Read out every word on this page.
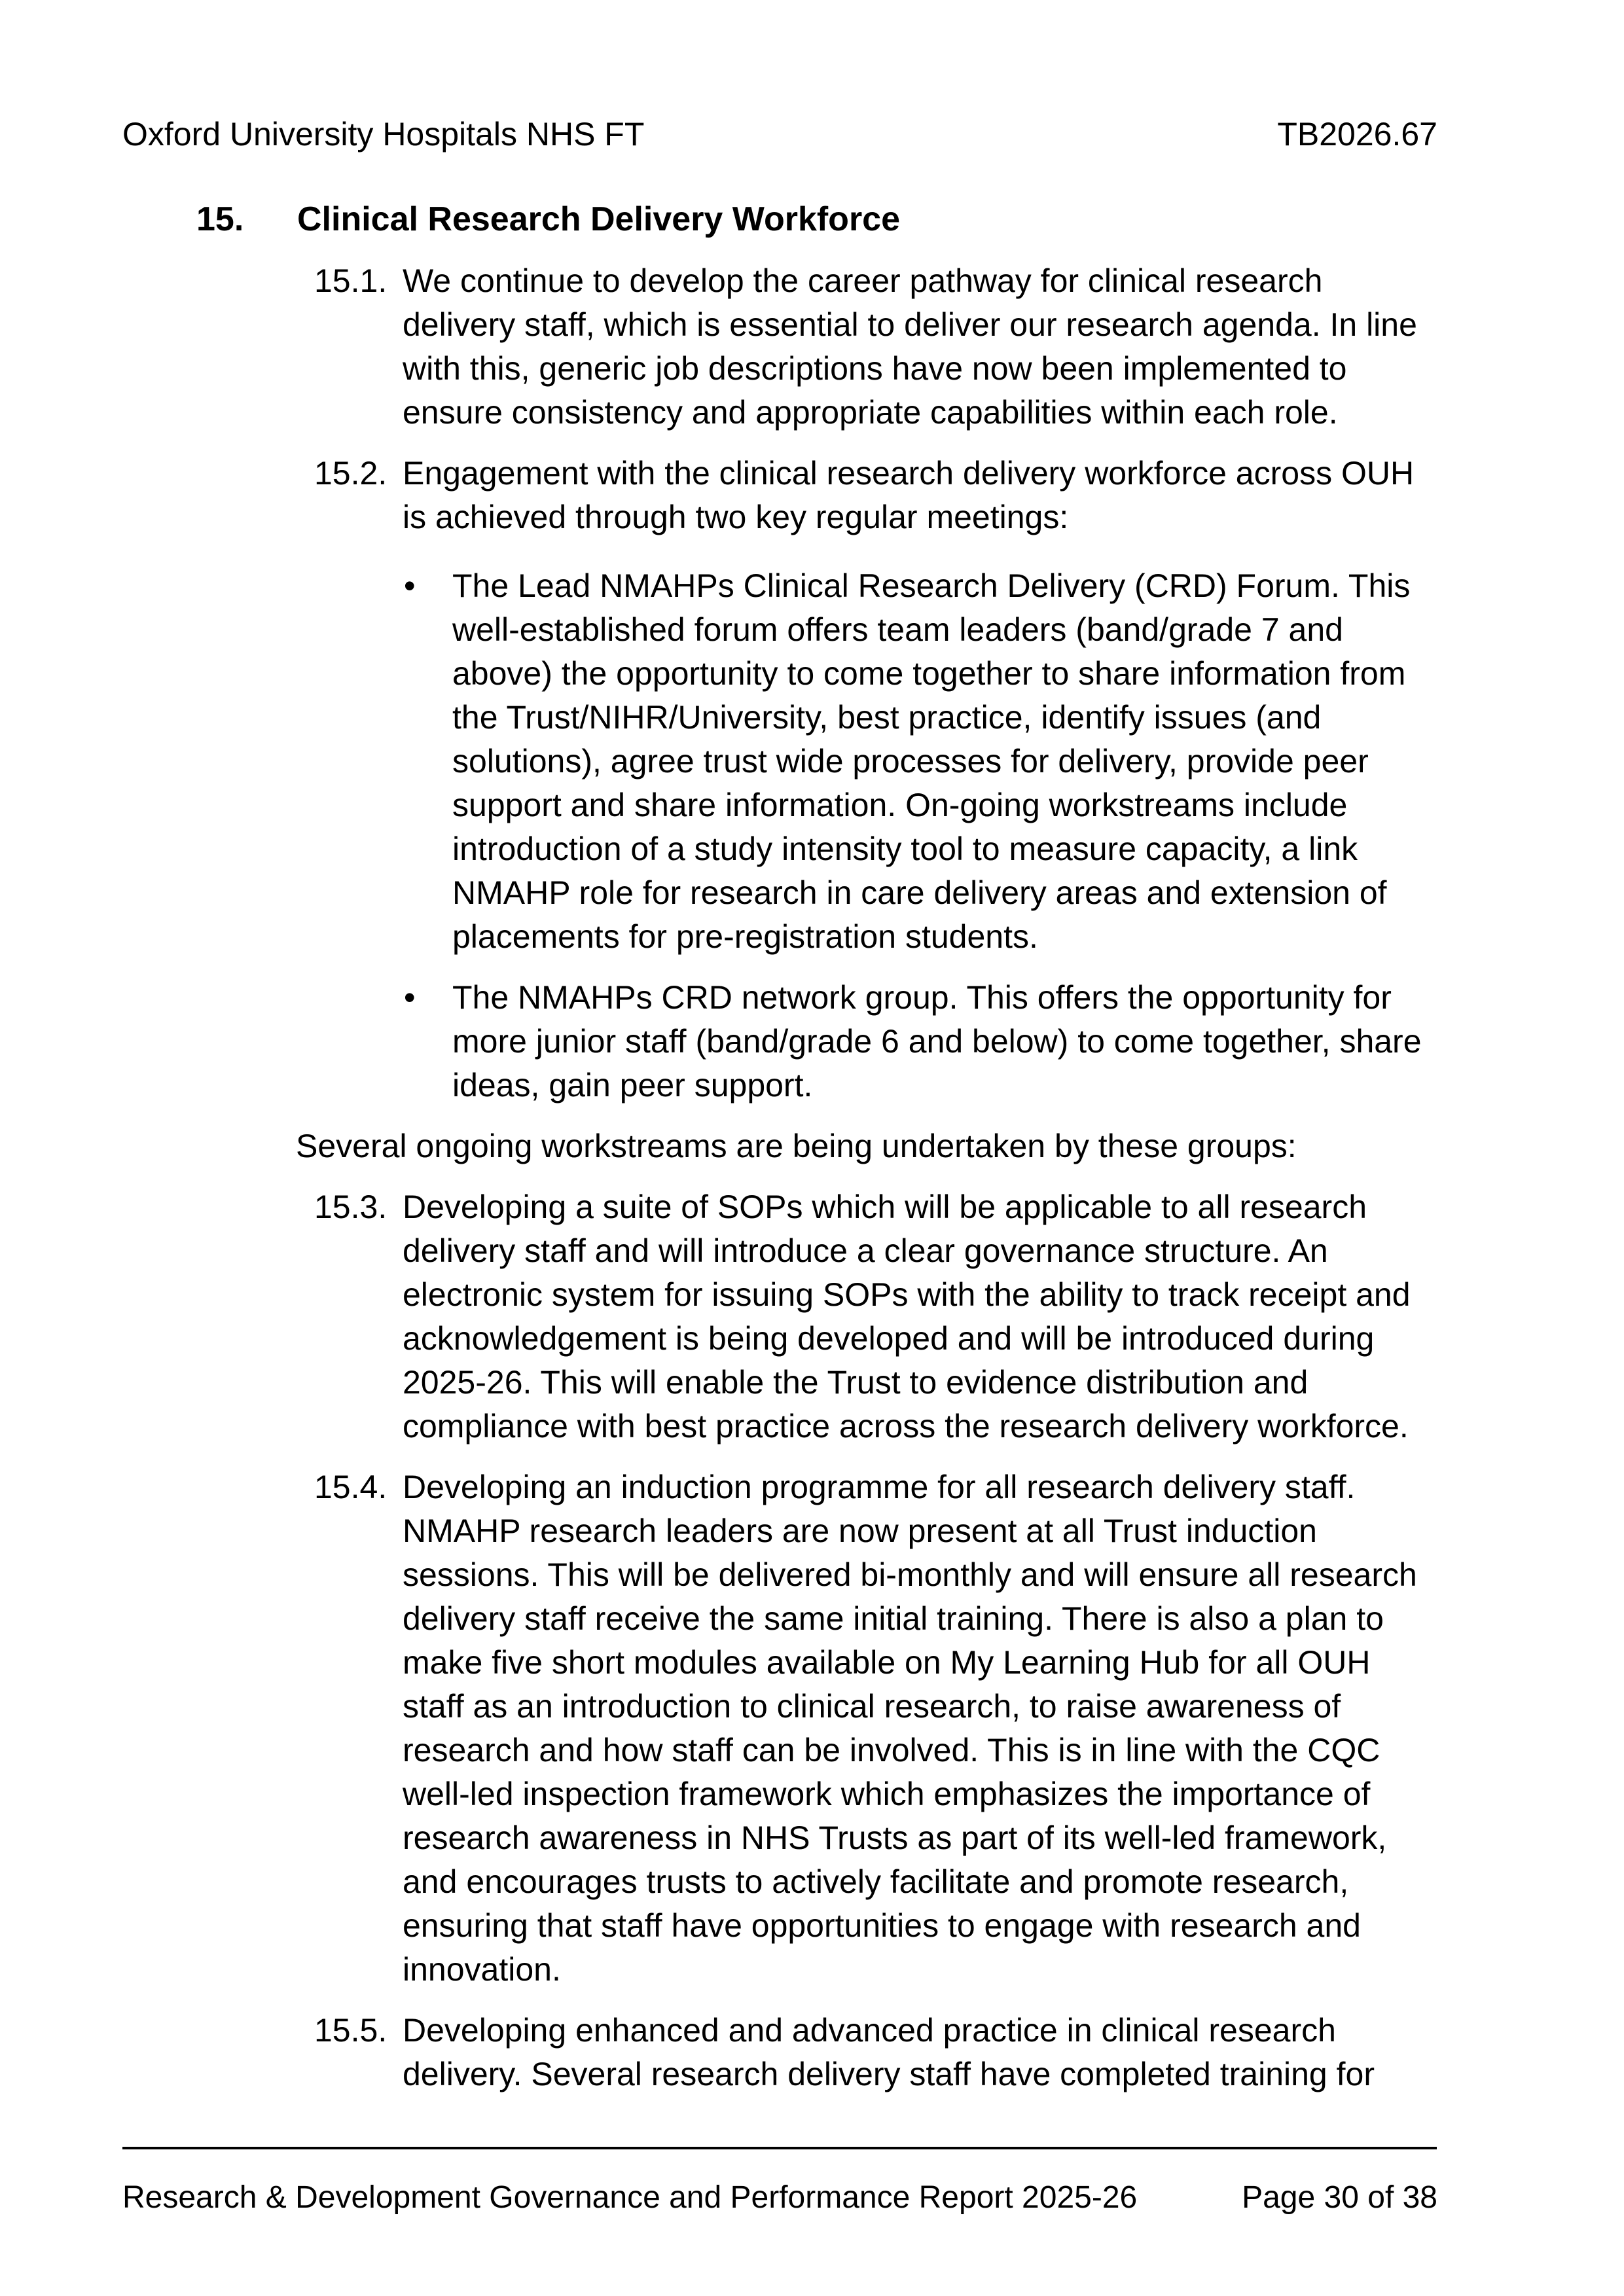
Oxford University Hospitals NHS FT	TB2026.67
15. Clinical Research Delivery Workforce
15.1. We continue to develop the career pathway for clinical research delivery staff, which is essential to deliver our research agenda. In line with this, generic job descriptions have now been implemented to ensure consistency and appropriate capabilities within each role.
15.2. Engagement with the clinical research delivery workforce across OUH is achieved through two key regular meetings:
• The Lead NMAHPs Clinical Research Delivery (CRD) Forum. This well-established forum offers team leaders (band/grade 7 and above) the opportunity to come together to share information from the Trust/NIHR/University, best practice, identify issues (and solutions), agree trust wide processes for delivery, provide peer support and share information. On-going workstreams include introduction of a study intensity tool to measure capacity, a link NMAHP role for research in care delivery areas and extension of placements for pre-registration students.
• The NMAHPs CRD network group. This offers the opportunity for more junior staff (band/grade 6 and below) to come together, share ideas, gain peer support.
Several ongoing workstreams are being undertaken by these groups:
15.3. Developing a suite of SOPs which will be applicable to all research delivery staff and will introduce a clear governance structure. An electronic system for issuing SOPs with the ability to track receipt and acknowledgement is being developed and will be introduced during 2025-26. This will enable the Trust to evidence distribution and compliance with best practice across the research delivery workforce.
15.4. Developing an induction programme for all research delivery staff. NMAHP research leaders are now present at all Trust induction sessions. This will be delivered bi-monthly and will ensure all research delivery staff receive the same initial training. There is also a plan to make five short modules available on My Learning Hub for all OUH staff as an introduction to clinical research, to raise awareness of research and how staff can be involved. This is in line with the CQC well-led inspection framework which emphasizes the importance of research awareness in NHS Trusts as part of its well-led framework, and encourages trusts to actively facilitate and promote research, ensuring that staff have opportunities to engage with research and innovation.
15.5. Developing enhanced and advanced practice in clinical research delivery. Several research delivery staff have completed training for
Research & Development Governance and Performance Report 2025-26	Page 30 of 38
